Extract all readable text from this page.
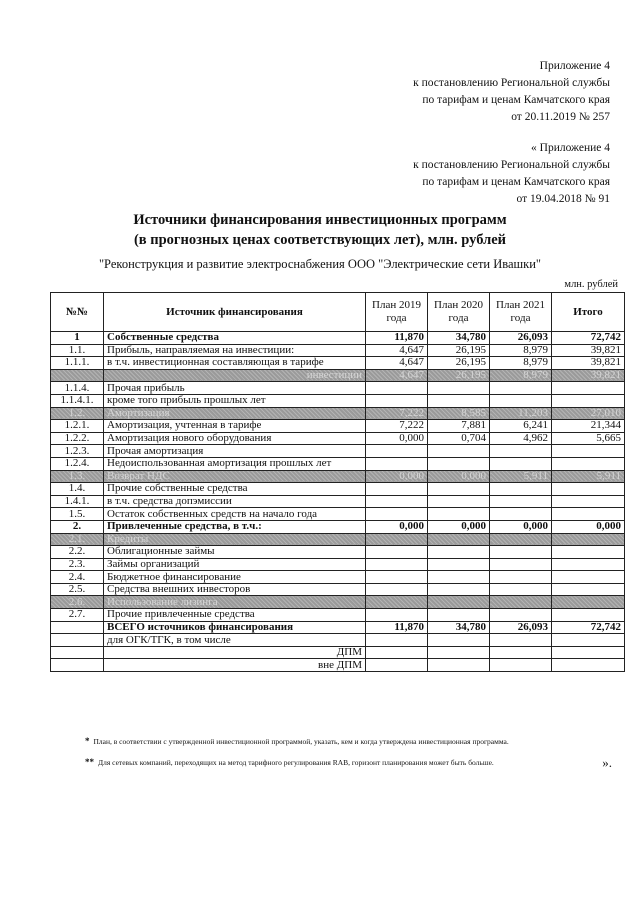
Приложение 4
к постановлению Региональной службы
по тарифам и ценам Камчатского края
от 20.11.2019 № 257
« Приложение 4
к постановлению Региональной службы
по тарифам и ценам Камчатского края
от 19.04.2018 № 91
Источники финансирования инвестиционных программ
(в прогнозных ценах соответствующих лет), млн. рублей
"Реконструкция и развитие электроснабжения ООО "Электрические сети Ивашки"
млн. рублей
№№	Источник финансирования	План 2019 года	План 2020 года	План 2021 года	Итого
1	Собственные средства	11,870	34,780	26,093	72,742
1.1.	Прибыль, направляемая на инвестиции:	4,647	26,195	8,979	39,821
1.1.1.	в т.ч. инвестиционная составляющая в тарифе	4,647	26,195	8,979	39,821
	инвестиции	4,647	26,195	8,979	39,821
1.1.4.	Прочая прибыль				
1.1.4.1.	кроме того прибыль прошлых лет				
1.2.	Амортизация	7,222	8,585	11,203	27,010
1.2.1.	Амортизация, учтенная в тарифе	7,222	7,881	6,241	21,344
1.2.2.	Амортизация нового оборудования	0,000	0,704	4,962	5,665
1.2.3.	Прочая амортизация				
1.2.4.	Недоиспользованная амортизация прошлых лет				
1.3.	Возврат НДС	0,000	0,000	5,911	5,911
1.4.	Прочие собственные средства				
1.4.1.	в т.ч. средства допэмиссии				
1.5.	Остаток собственных средств на начало года				
2.	Привлеченные средства, в т.ч.:	0,000	0,000	0,000	0,000
2.1.	Кредиты				
2.2.	Облигационные займы				
2.3.	Займы организаций				
2.4.	Бюджетное финансирование				
2.5.	Средства внешних инвесторов				
2.6.	Использование лизинга				
2.7.	Прочие привлеченные средства				
	ВСЕГО источников финансирования	11,870	34,780	26,093	72,742
	для ОГК/ТГК, в том числе				
	ДПМ				
	вне ДПМ				
* План, в соответствии с утвержденной инвестиционной программой, указать, кем и когда утверждена инвестиционная программа.
** Для сетевых компаний, переходящих на метод тарифного регулирования RAB, горизонт планирования может быть больше.	».
